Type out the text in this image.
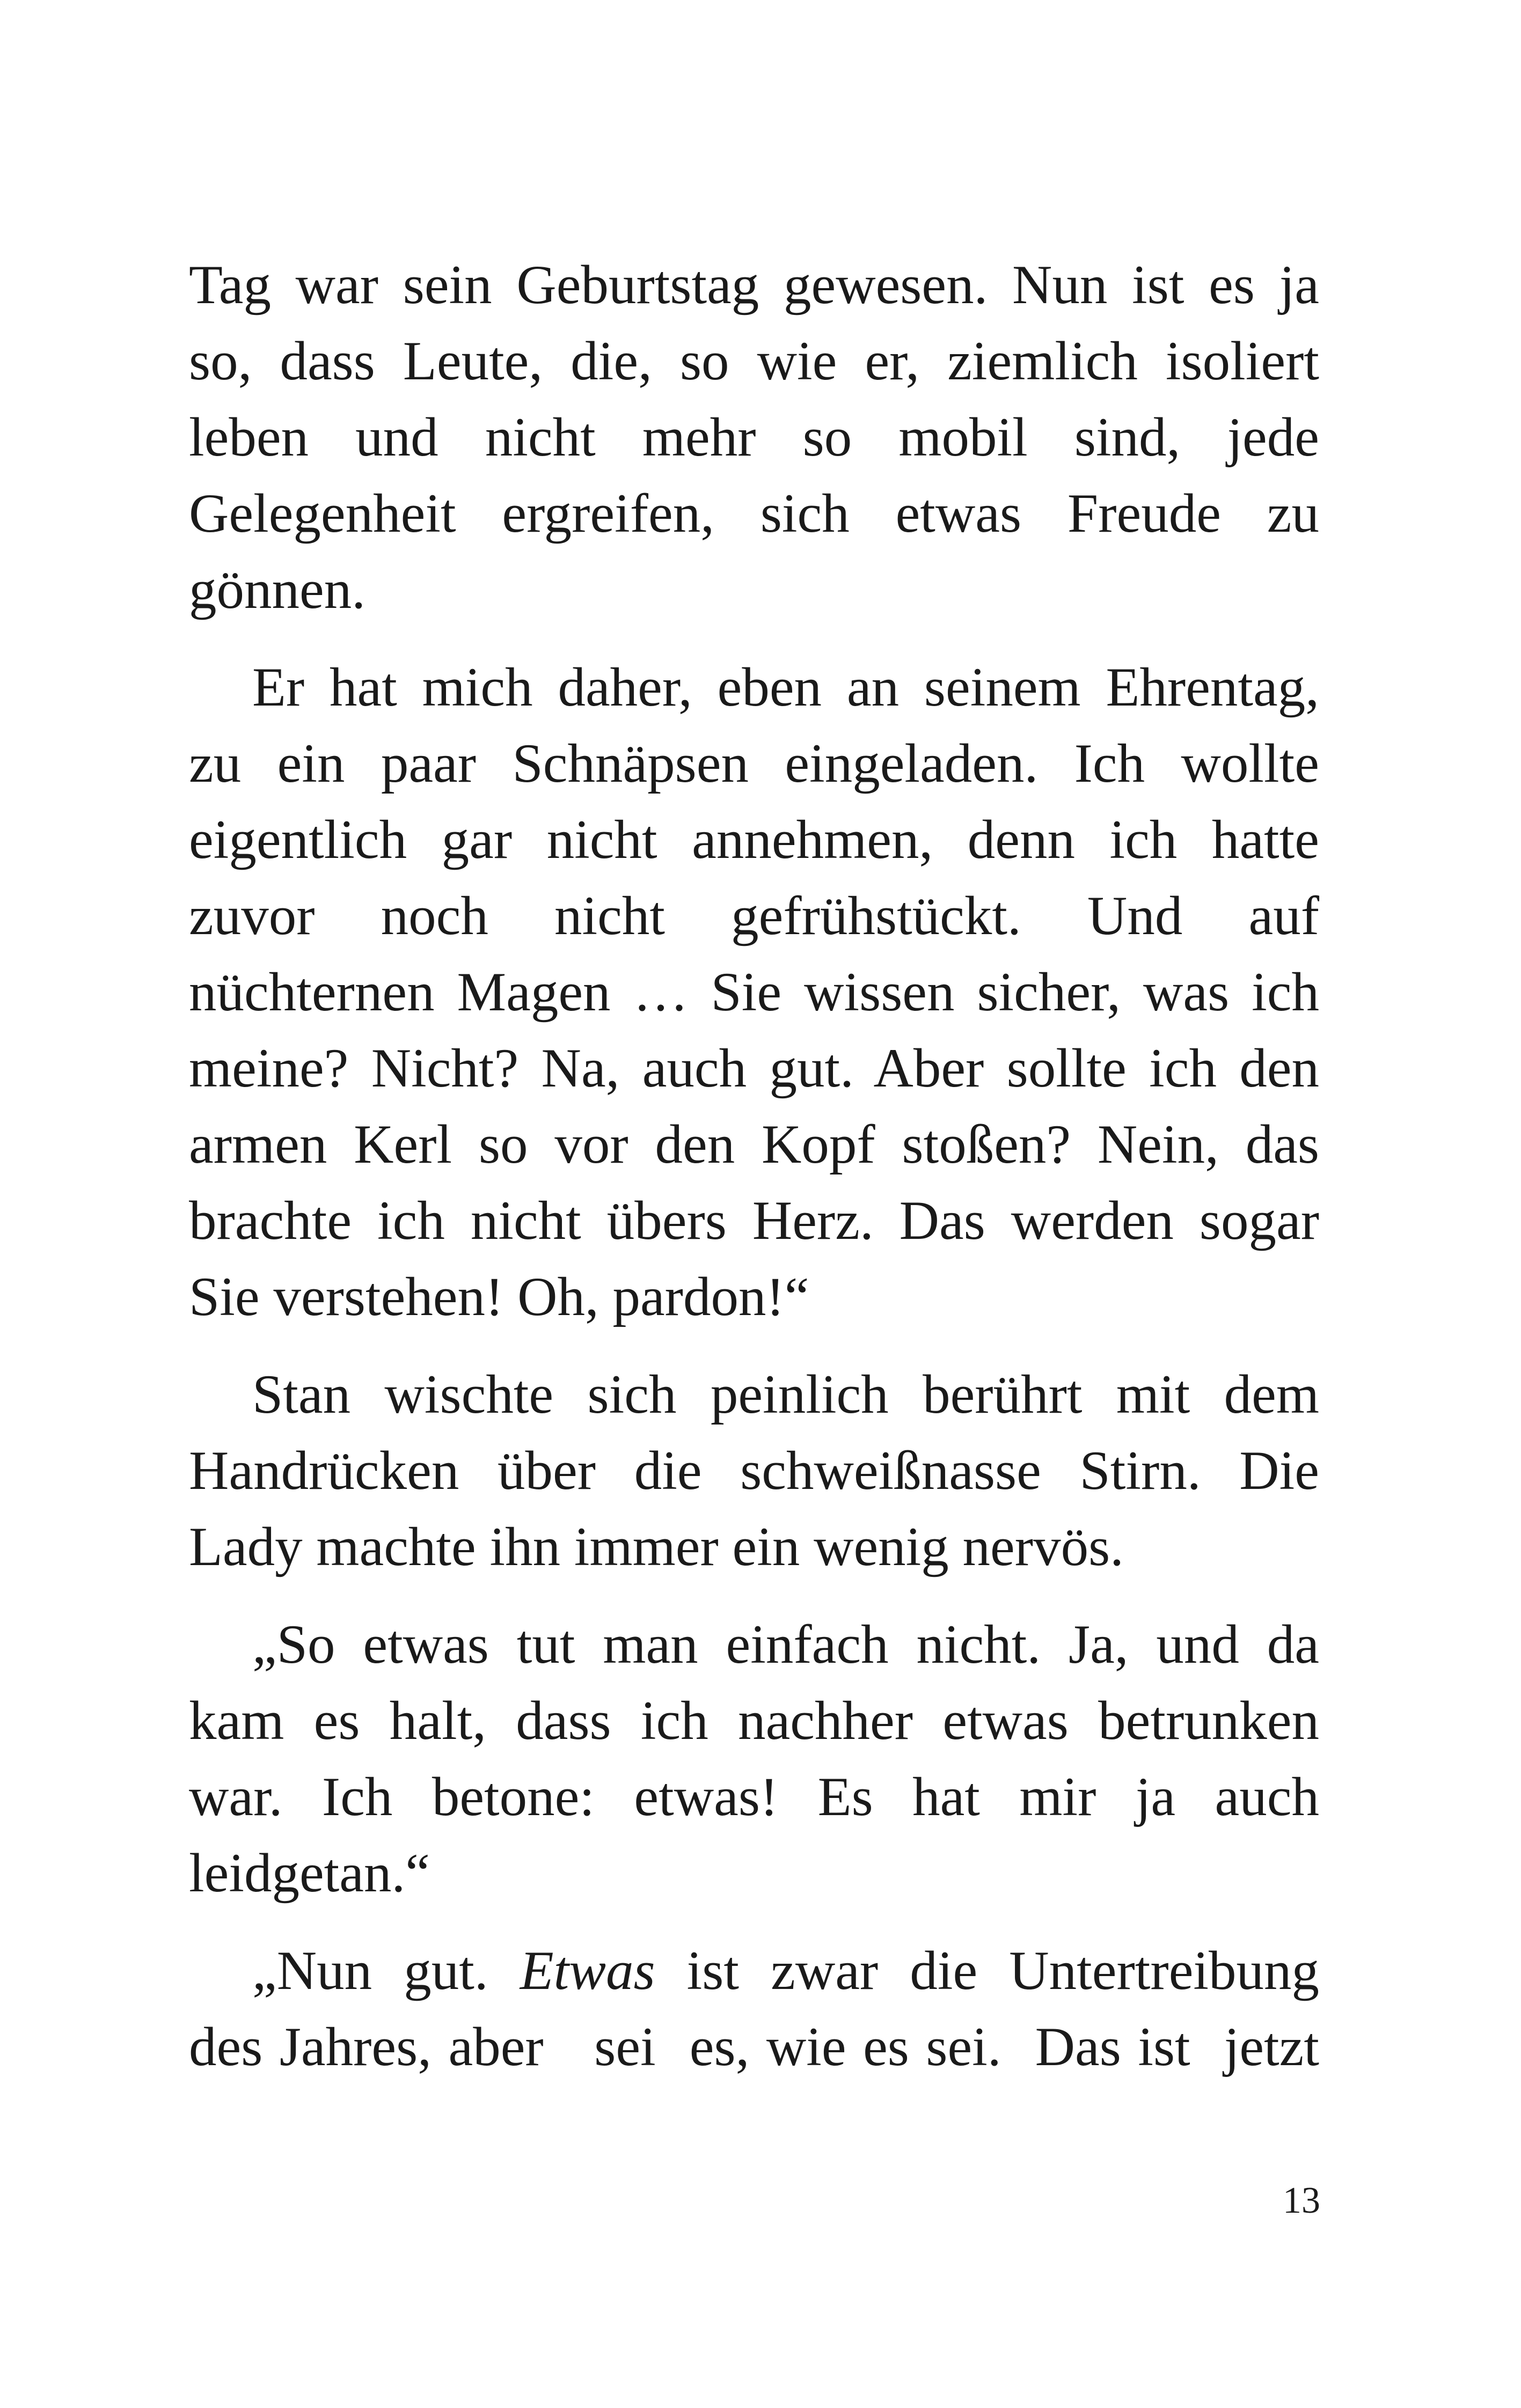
Tag war sein Geburtstag gewesen. Nun ist es ja
so, dass Leute, die, so wie er, ziemlich isoliert
leben und nicht mehr so mobil sind, jede
Gelegenheit ergreifen, sich etwas Freude zu
gönnen.
Er hat mich daher, eben an seinem Ehrentag,
zu ein paar Schnäpsen eingeladen. Ich wollte
eigentlich gar nicht annehmen, denn ich hatte
zuvor noch nicht gefrühstückt. Und auf
nüchternen Magen … Sie wissen sicher, was ich
meine? Nicht? Na, auch gut. Aber sollte ich den
armen Kerl so vor den Kopf stoßen? Nein, das
brachte ich nicht übers Herz. Das werden sogar
Sie verstehen! Oh, pardon!“
Stan wischte sich peinlich berührt mit dem
Handrücken über die schweißnasse Stirn. Die
Lady machte ihn immer ein wenig nervös.
„So etwas tut man einfach nicht. Ja, und da
kam es halt, dass ich nachher etwas betrunken
war. Ich betone: etwas! Es hat mir ja auch
leidgetan.“
„Nun gut. Etwas ist zwar die Untertreibung
des Jahres, aber   sei  es, wie es sei.  Das ist  jetzt
13
